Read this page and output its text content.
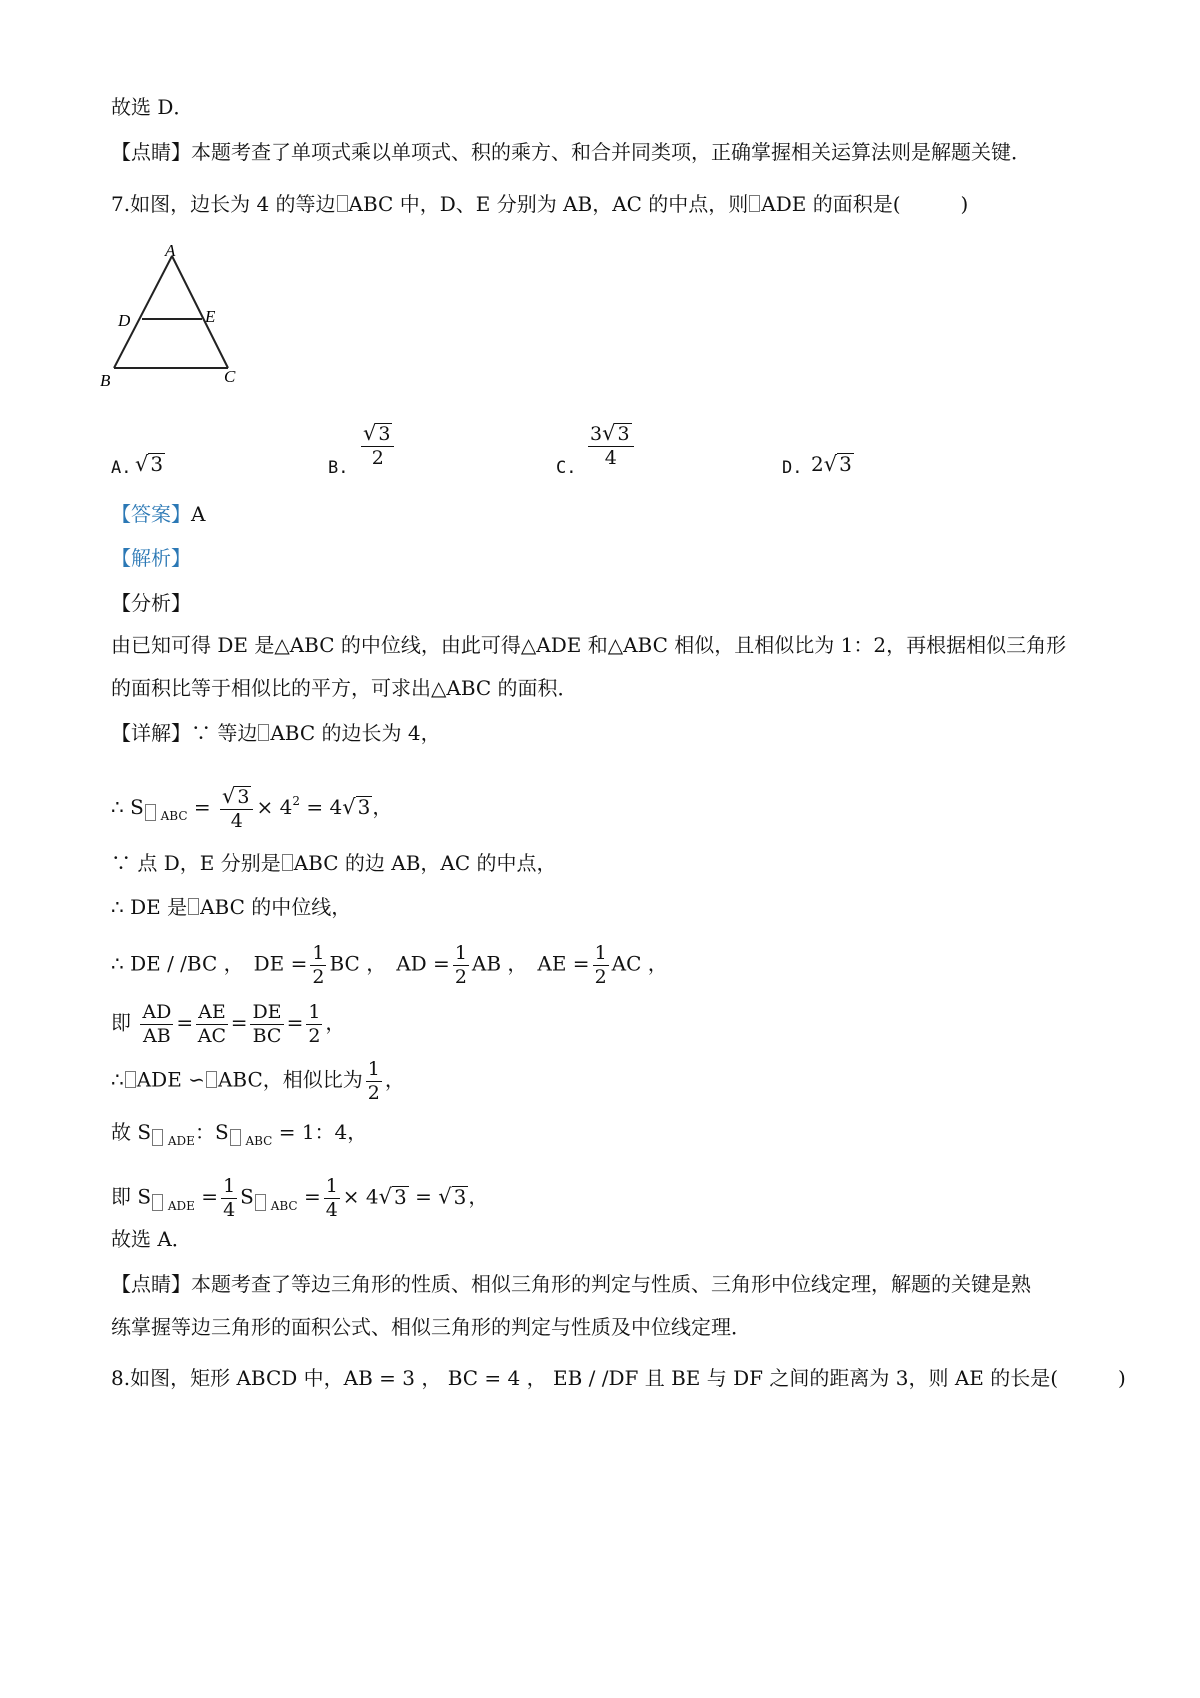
故选 D．
【点睛】本题考查了单项式乘以单项式、积的乘方、和合并同类项，正确掌握相关运算法则是解题关键．
7.如图，边长为 4 的等边 ABC 中，D、E 分别为 AB，AC 的中点，则 ADE 的面积是(　　　)
A
D	E
B	C
A. √ 3	B. $\frac{√ 3}{2}$	C. $\frac{3√ 3}{4}$	D. 2√ 3
【答案】A
【解析】
【分析】
由已知可得 DE 是△ABC 的中位线，由此可得△ADE 和△ABC 相似，且相似比为 1：2，再根据相似三角形
的面积比等于相似比的平方，可求出△ABC 的面积．
【详解】∵ 等边 ABC 的边长为 4，
∴ S $_{ABC} = \frac{√ 3}{4} \times 4^2 = 4√$ 3 ，
∵ 点 D，E 分别是 ABC 的边 AB，AC 的中点，
∴ DE 是 ABC 的中位线，
∴ DE / /BC ，　 DE = $\frac{1}{2}$ BC ，　 AD = $\frac{1}{2}$ AB ，　 AE = $\frac{1}{2}$ AC ，
即 $\frac{AD}{AB} = \frac{AE}{AC} = \frac{DE}{BC} = \frac{1}{2}$ ，
∴ ADE ∽ ABC，相似比为 $\frac{1}{2}$ ，
故 S $_{ADE}$：S $_{ABC}$ = 1：4，
即 S $_{ADE} = \frac{1}{4}$ S $_{ABC} = \frac{1}{4} \times 4√$ 3 = √ 3 ，
故选 A．
【点睛】本题考查了等边三角形的性质、相似三角形的判定与性质、三角形中位线定理，解题的关键是熟
练掌握等边三角形的面积公式、相似三角形的判定与性质及中位线定理．
8.如图，矩形 ABCD 中，AB = 3 ， BC = 4 ， EB / /DF 且 BE 与 DF 之间的距离为 3，则 AE 的长是(　　　)
